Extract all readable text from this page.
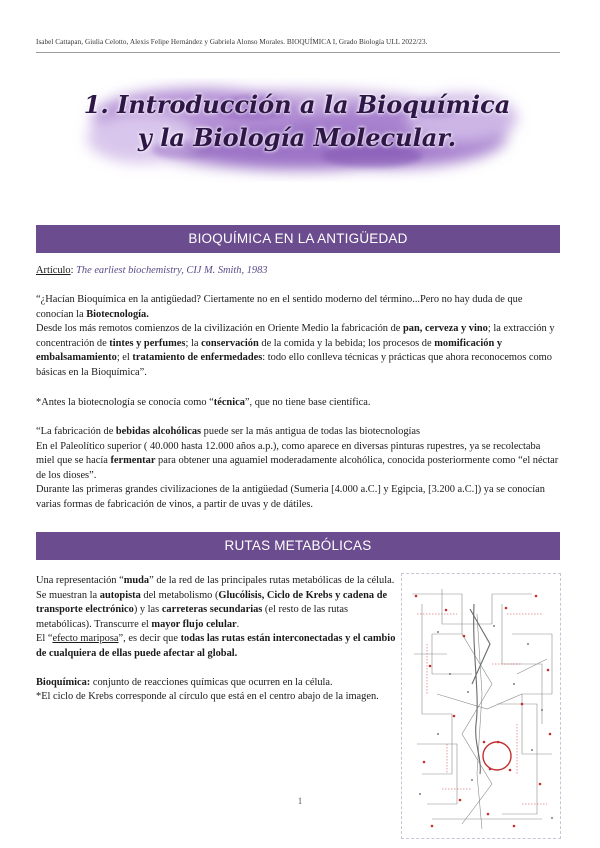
Isabel Cattapan, Giulia Celotto, Alexis Felipe Hernández y Gabriela Alonso Morales. BIOQUÍMICA I, Grado Biología ULL 2022/23.
1. Introducción a la Bioquímica
y la Biología Molecular.
BIOQUÍMICA EN LA ANTIGÜEDAD
Artículo: The earliest biochemistry, CIJ M. Smith, 1983
“¿Hacían Bioquímica en la antigüedad? Ciertamente no en el sentido moderno del término...Pero no hay duda de que conocían la Biotecnología.
Desde los más remotos comienzos de la civilización en Oriente Medio la fabricación de pan, cerveza y vino; la extracción y concentración de tintes y perfumes; la conservación de la comida y la bebida; los procesos de momificación y embalsamamiento; el tratamiento de enfermedades: todo ello conlleva técnicas y prácticas que ahora reconocemos como básicas en la Bioquímica”.
*Antes la biotecnología se conocía como “técnica”, que no tiene base científica.
“La fabricación de bebidas alcohólicas puede ser la más antigua de todas las biotecnologías
En el Paleolítico superior ( 40.000 hasta 12.000 años a.p.), como aparece en diversas pinturas rupestres, ya se recolectaba miel que se hacía fermentar para obtener una aguamiel moderadamente alcohólica, conocida posteriormente como “el néctar de los dioses”.
Durante las primeras grandes civilizaciones de la antigüedad (Sumeria [4.000 a.C.] y Egipcia, [3.200 a.C.]) ya se conocían varias formas de fabricación de vinos, a partir de uvas y de dátiles.
RUTAS METABÓLICAS

Una representación “muda” de la red de las principales rutas metabólicas de la célula.

Se muestran la autopista del metabolismo (Glucólisis, Ciclo de Krebs y cadena de transporte electrónico) y las carreteras secundarias (el resto de las rutas metabólicas). Transcurre el mayor flujo celular.

El “efecto mariposa”, es decir que todas las rutas están interconectadas y el cambio de cualquiera de ellas puede afectar al global.

Bioquímica: conjunto de reacciones químicas que ocurren en la célula.

*El ciclo de Krebs corresponde al círculo que está en el centro abajo de la imagen.

1
